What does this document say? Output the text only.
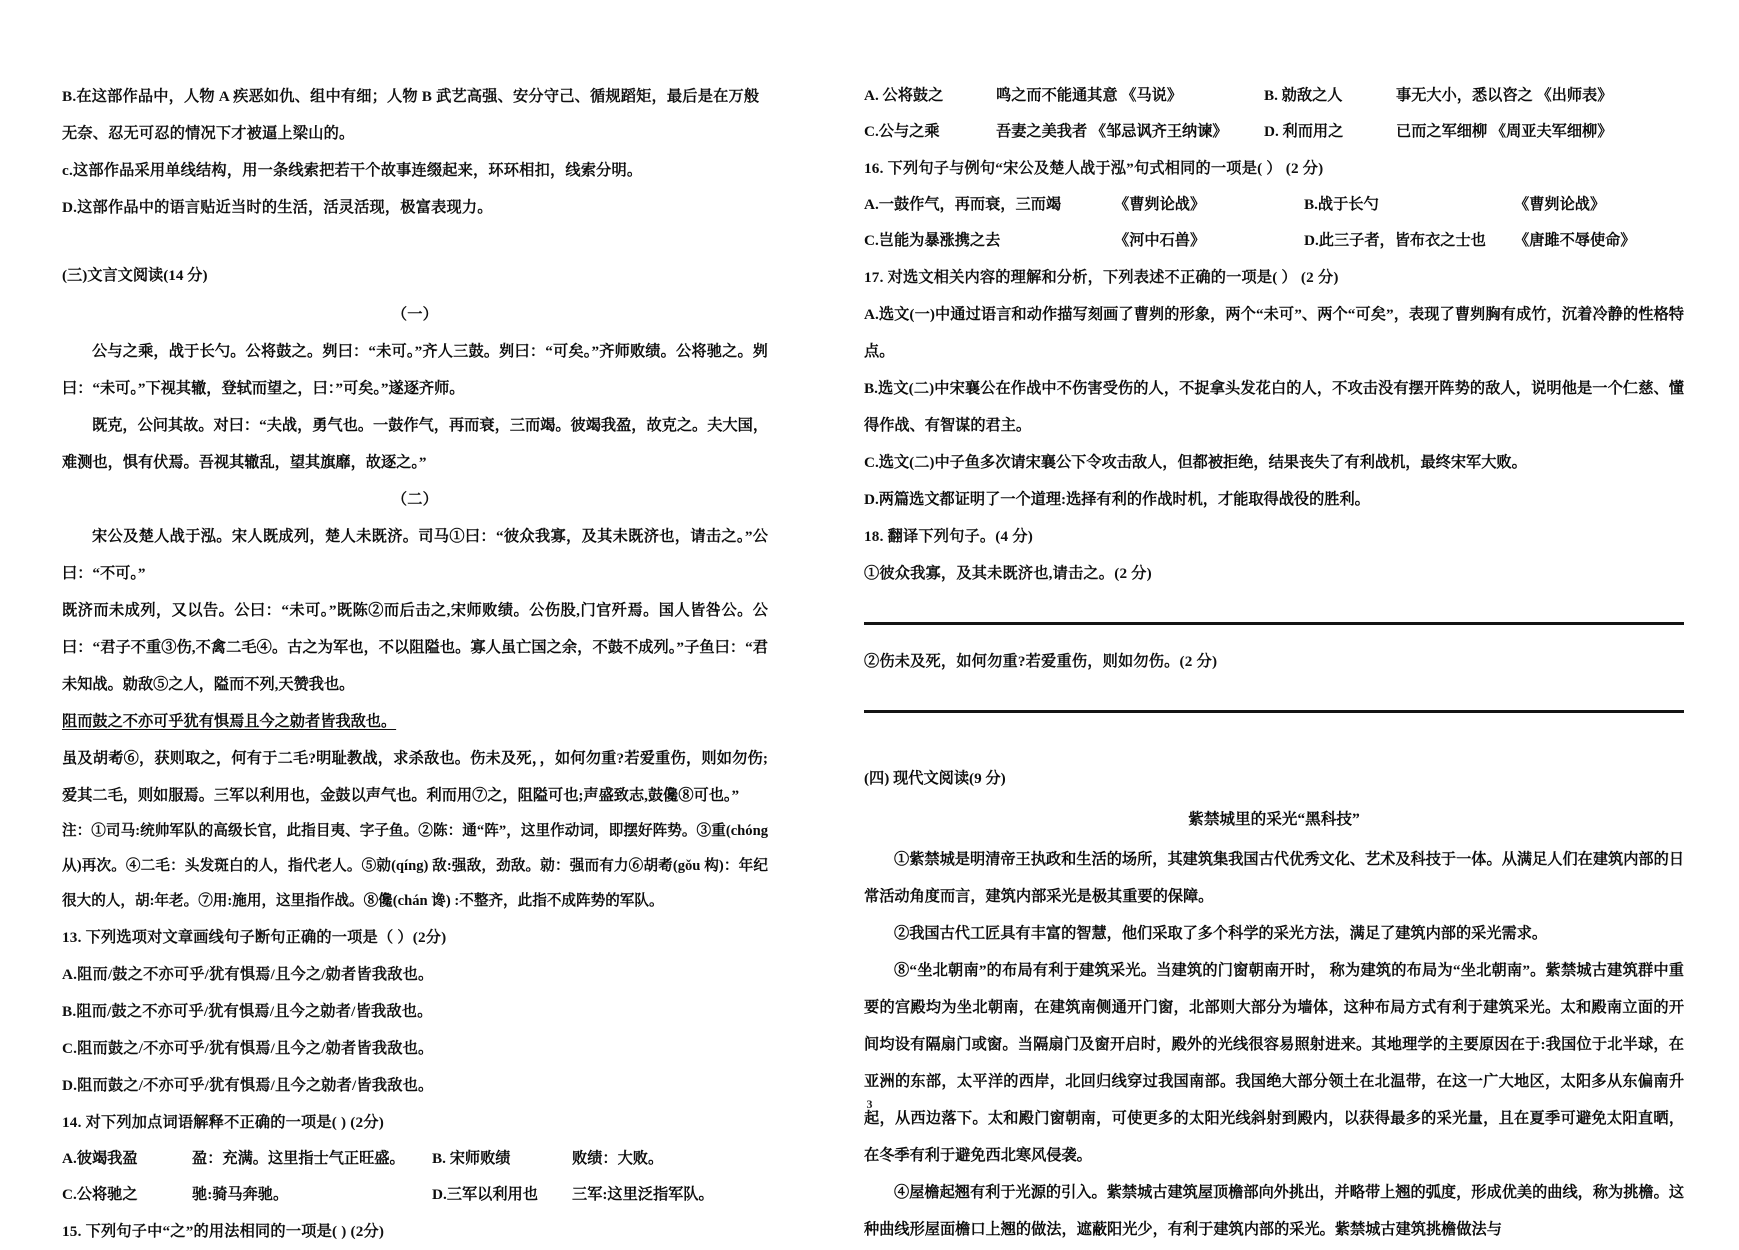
B.在这部作品中，人物 A 疾恶如仇、组中有细；人物 B 武艺高强、安分守己、循规蹈矩，最后是在万般
无奈、忍无可忍的情况下才被逼上梁山的。
c.这部作品采用单线结构，用一条线索把若干个故事连缀起来，环环相扣，线索分明。
D.这部作品中的语言贴近当时的生活，活灵活现，极富表现力。
(三)文言文阅读(14 分)
（一）
公与之乘，战于长勺。公将鼓之。刿曰：“未可。”齐人三鼓。刿曰：“可矣。”齐师败绩。公将驰之。刿曰：“未可。”下视其辙，登轼而望之，曰：”可矣。”遂逐齐师。
既克，公问其故。对曰：“夫战，勇气也。一鼓作气，再而衰，三而竭。彼竭我盈，故克之。夫大国，难测也，惧有伏焉。吾视其辙乱，望其旗靡，故逐之。”
（二）
宋公及楚人战于泓。宋人既成列，楚人未既济。司马①曰：“彼众我寡，及其未既济也，请击之。”公曰：“不可。”
既济而未成列，又以告。公曰：“未可。”既陈②而后击之,宋师败绩。公伤股,门官歼焉。国人皆咎公。公曰：“君子不重③伤,不禽二毛④。古之为军也，不以阻隘也。寡人虽亡国之余，不鼓不成列。”子鱼曰：“君未知战。勍敌⑤之人，隘而不列,天赞我也。
阻而鼓之不亦可乎犹有惧焉且今之勍者皆我敌也。
虽及胡耇⑥，获则取之，何有于二毛?明耻教战，求杀敌也。伤未及死，，如何勿重?若爱重伤，则如勿伤;爱其二毛，则如服焉。三军以利用也，金鼓以声气也。利而用⑦之，阻隘可也;声盛致志,鼓儳⑧可也。”
注：①司马:统帅军队的高级长官，此指目夷、字子鱼。②陈：通“阵”，这里作动词，即摆好阵势。③重(chóng 从)再次。④二毛：头发斑白的人，指代老人。⑤勍(qíng) 敌:强敌，劲敌。勍：强而有力⑥胡耇(gǒu 构)：年纪很大的人，胡:年老。⑦用:施用，这里指作战。⑧儳(chán 谗) :不整齐，此指不成阵势的军队。
13. 下列选项对文章画线句子断句正确的一项是（ ）(2分)
A.阻而/鼓之不亦可乎/犹有惧焉/且今之/勍者皆我敌也。
B.阻而/鼓之不亦可乎/犹有惧焉/且今之勍者/皆我敌也。
C.阻而鼓之/不亦可乎/犹有惧焉/且今之/勍者皆我敌也。
D.阻而鼓之/不亦可乎/犹有惧焉/且今之勍者/皆我敌也。
14. 对下列加点词语解释不正确的一项是( ) (2分)
A.彼竭我盈	盈：充满。这里指士气正旺盛。	B. 宋师败绩	败绩：大败。
C.公将驰之	驰:骑马奔驰。	D.三军以利用也	三军:这里泛指军队。
15. 下列句子中“之”的用法相同的一项是( ) (2分)
A. 公将鼓之	鸣之而不能通其意 《马说》	B. 勍敌之人	事无大小，悉以咨之 《出师表》
C.公与之乘	吾妻之美我者 《邹忌讽齐王纳谏》	D. 利而用之	已而之军细柳 《周亚夫军细柳》
16. 下列句子与例句“宋公及楚人战于泓”句式相同的一项是( ） (2 分)
A.一鼓作气，再而衰，三而竭	《曹刿论战》	B.战于长勺	《曹刿论战》
C.岂能为暴涨携之去	《河中石兽》	D.此三子者，皆布衣之士也	《唐雎不辱使命》
17. 对选文相关内容的理解和分析，下列表述不正确的一项是( ） (2 分)
A.选文(一)中通过语言和动作描写刻画了曹刿的形象，两个“未可”、两个“可矣”，表现了曹刿胸有成竹，沉着冷静的性格特点。
B.选文(二)中宋襄公在作战中不伤害受伤的人，不捉拿头发花白的人，不攻击没有摆开阵势的敌人，说明他是一个仁慈、懂得作战、有智谋的君主。
C.选文(二)中子鱼多次请宋襄公下令攻击敌人，但都被拒绝，结果丧失了有利战机，最终宋军大败。
D.两篇选文都证明了一个道理:选择有利的作战时机，才能取得战役的胜利。
18. 翻译下列句子。(4 分)
①彼众我寡，及其未既济也,请击之。(2 分)
②伤未及死，如何勿重?若爱重伤，则如勿伤。(2 分)
(四) 现代文阅读(9 分)
紫禁城里的采光“黑科技”
①紫禁城是明清帝王执政和生活的场所，其建筑集我国古代优秀文化、艺术及科技于一体。从满足人们在建筑内部的日常活动角度而言，建筑内部采光是极其重要的保障。
②我国古代工匠具有丰富的智慧，他们采取了多个科学的采光方法，满足了建筑内部的采光需求。
⑧“坐北朝南”的布局有利于建筑采光。当建筑的门窗朝南开时， 称为建筑的布局为“坐北朝南”。紫禁城古建筑群中重要的宫殿均为坐北朝南，在建筑南侧通开门窗，北部则大部分为墙体，这种布局方式有利于建筑采光。太和殿南立面的开间均设有隔扇门或窗。当隔扇门及窗开启时，殿外的光线很容易照射进来。其地理学的主要原因在于:我国位于北半球，在亚洲的东部，太平洋的西岸，北回归线穿过我国南部。我国绝大部分领土在北温带，在这一广大地区，太阳多从东偏南升起，从西边落下。太和殿门窗朝南，可使更多的太阳光线斜射到殿内，以获得最多的采光量，且在夏季可避免太阳直晒，在冬季有利于避免西北寒风侵袭。
④屋檐起翘有利于光源的引入。紫禁城古建筑屋顶檐部向外挑出，并略带上翘的弧度，形成优美的曲线，称为挑檐。这种曲线形屋面檐口上翘的做法，遮蔽阳光少，有利于建筑内部的采光。紫禁城古建筑挑檐做法与
3
